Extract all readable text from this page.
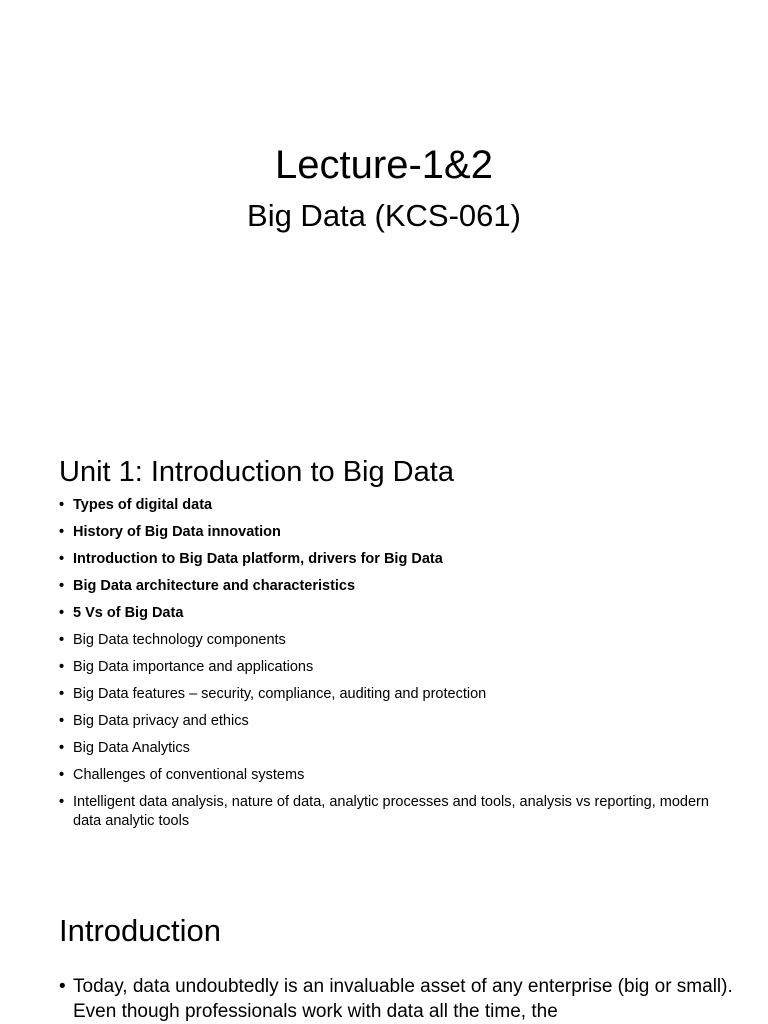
Lecture-1&2
Big Data (KCS-061)
Unit 1: Introduction to Big Data
• Types of digital data
• History of Big Data innovation
• Introduction to Big Data platform, drivers for Big Data
• Big Data architecture and characteristics
• 5 Vs of Big Data
• Big Data technology components
• Big Data importance and applications
• Big Data features – security, compliance, auditing and protection
• Big Data privacy and ethics
• Big Data Analytics
• Challenges of conventional systems
• Intelligent data analysis, nature of data, analytic processes and tools, analysis vs reporting, modern data analytic tools
Introduction
• Today, data undoubtedly is an invaluable asset of any enterprise (big or small). Even though professionals work with data all the time, the
